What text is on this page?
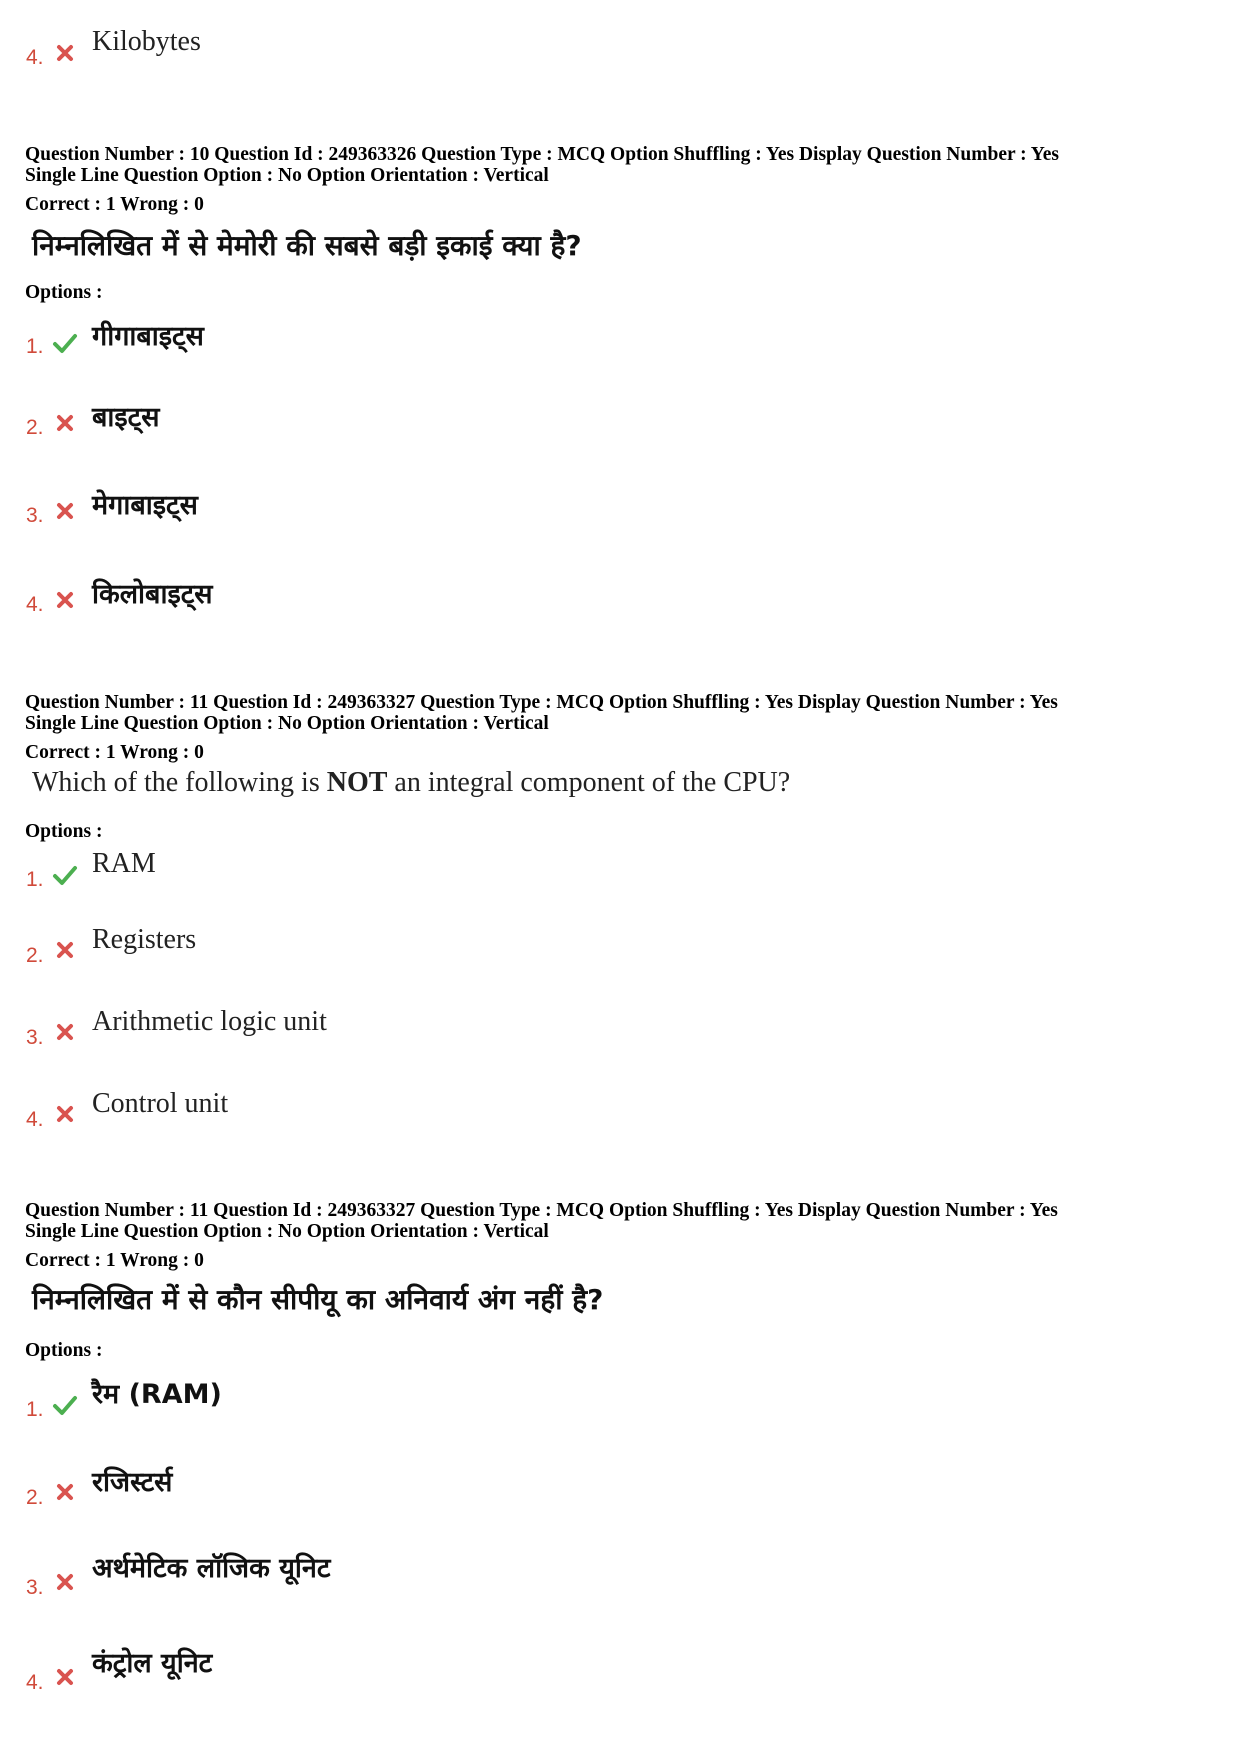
4.
Kilobytes
Question Number : 10 Question Id : 249363326 Question Type : MCQ Option Shuffling : Yes Display Question Number : Yes
Single Line Question Option : No Option Orientation : Vertical
Correct : 1 Wrong : 0
निम्नलिखित में से मेमोरी की सबसे बड़ी इकाई क्या है?
Options :
1. गीगाबाइट्स
2. बाइट्स
3. मेगाबाइट्स
4. किलोबाइट्स
Question Number : 11 Question Id : 249363327 Question Type : MCQ Option Shuffling : Yes Display Question Number : Yes
Single Line Question Option : No Option Orientation : Vertical
Correct : 1 Wrong : 0
Which of the following is NOT an integral component of the CPU?
Options :
1.
RAM
2.
Registers
3.
Arithmetic logic unit
4.
Control unit
Question Number : 11 Question Id : 249363327 Question Type : MCQ Option Shuffling : Yes Display Question Number : Yes
Single Line Question Option : No Option Orientation : Vertical
Correct : 1 Wrong : 0
निम्नलिखित में से कौन सीपीयू का अनिवार्य अंग नहीं है?
Options :
1. रैम (RAM)
2. रजिस्टर्स
3.
अर्थमेटिक लॉजिक यूनिट
4.
कंट्रोल यूनिट
